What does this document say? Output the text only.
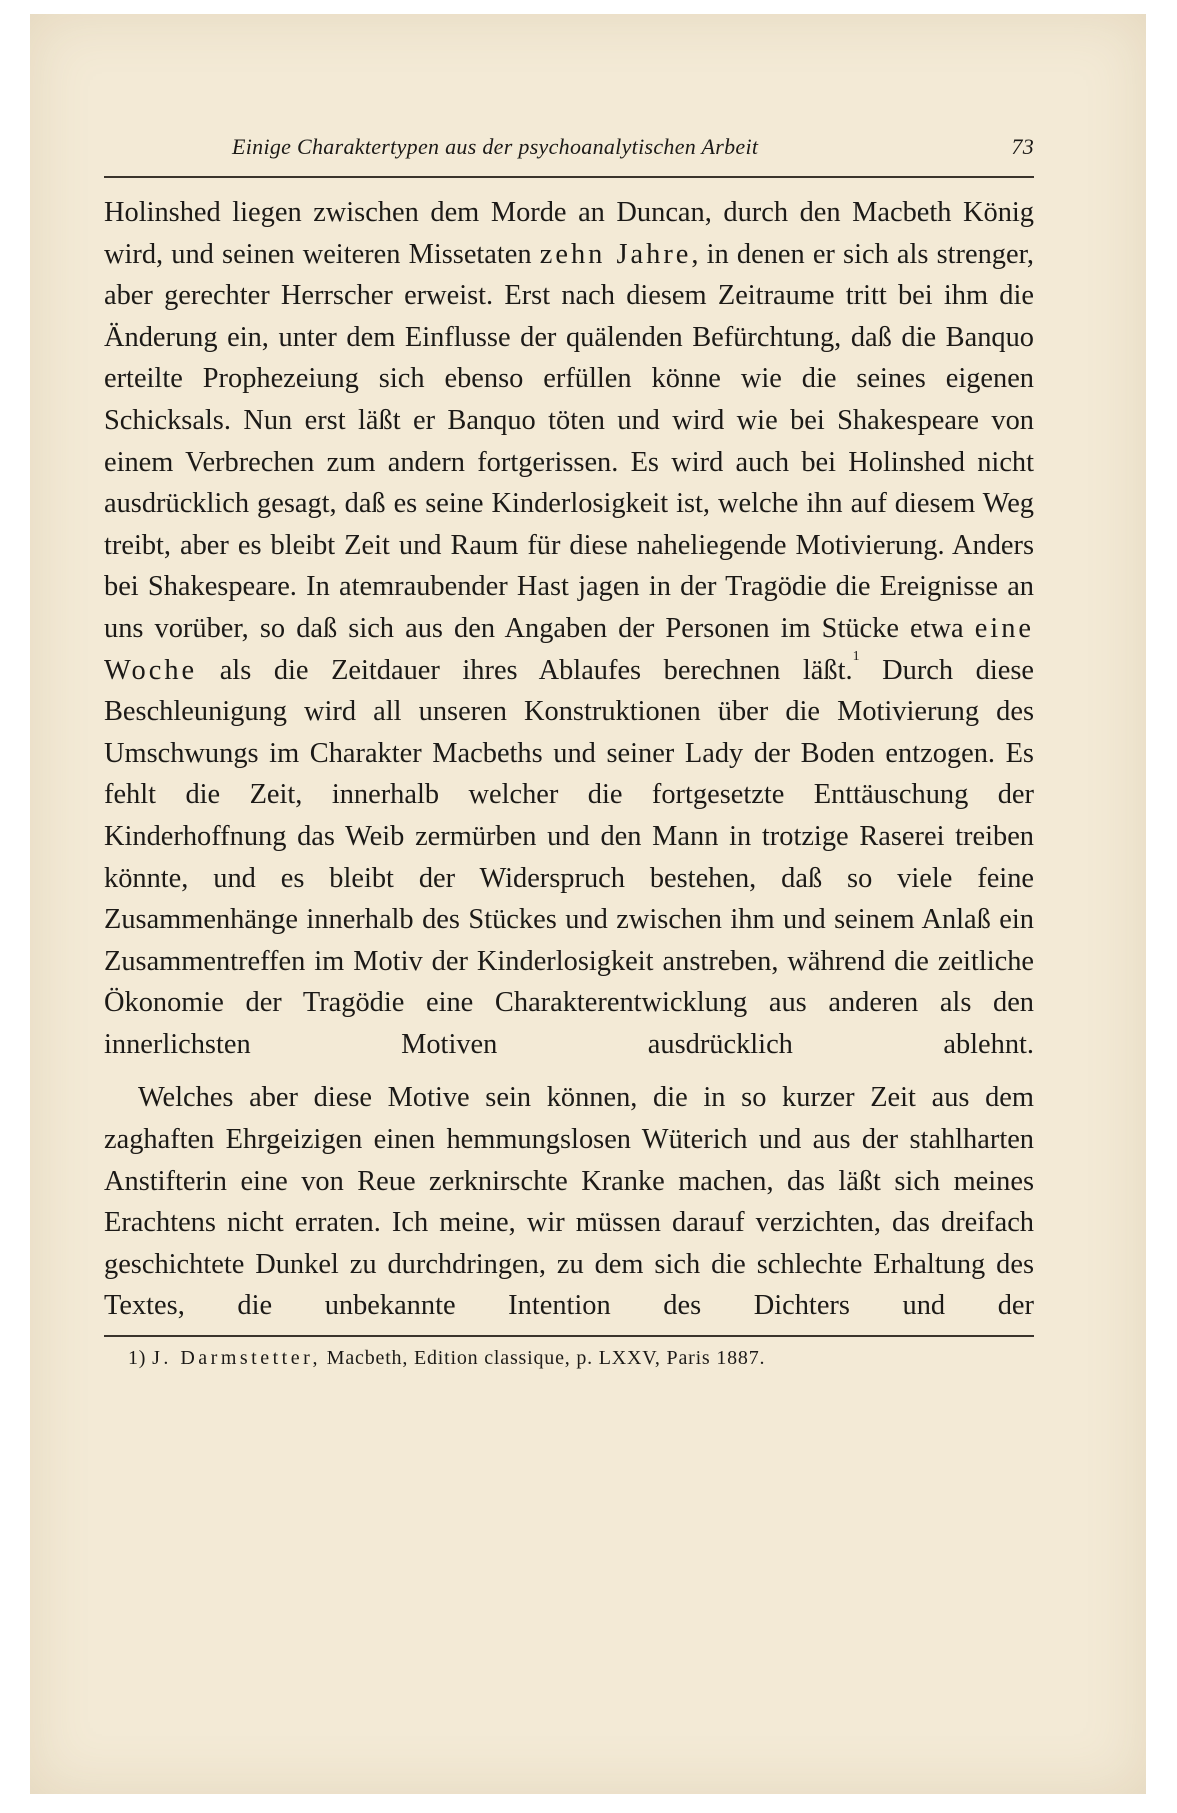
Einige Charaktertypen aus der psychoanalytischen Arbeit	73

Holinshed liegen zwischen dem Morde an Duncan, durch den Macbeth König wird, und seinen weiteren Missetaten zehn Jahre, in denen er sich als strenger, aber gerechter Herrscher erweist. Erst nach diesem Zeitraume tritt bei ihm die Änderung ein, unter dem Einflusse der quälenden Befürchtung, daß die Banquo erteilte Prophezeiung sich ebenso erfüllen könne wie die seines eigenen Schicksals. Nun erst läßt er Banquo töten und wird wie bei Shakespeare von einem Verbrechen zum andern fortgerissen. Es wird auch bei Holinshed nicht ausdrücklich gesagt, daß es seine Kinderlosigkeit ist, welche ihn auf diesem Weg treibt, aber es bleibt Zeit und Raum für diese naheliegende Motivierung. Anders bei Shakespeare. In atemraubender Hast jagen in der Tragödie die Ereignisse an uns vorüber, so daß sich aus den Angaben der Personen im Stücke etwa eine Woche als die Zeitdauer ihres Ablaufes berechnen läßt.$^1$ Durch diese Beschleunigung wird all unseren Konstruktionen über die Motivierung des Umschwungs im Charakter Macbeths und seiner Lady der Boden entzogen. Es fehlt die Zeit, innerhalb welcher die fortgesetzte Enttäuschung der Kinderhoffnung das Weib zermürben und den Mann in trotzige Raserei treiben könnte, und es bleibt der Widerspruch bestehen, daß so viele feine Zusammenhänge innerhalb des Stückes und zwischen ihm und seinem Anlaß ein Zusammentreffen im Motiv der Kinderlosigkeit anstreben, während die zeitliche Ökonomie der Tragödie eine Charakterentwicklung aus anderen als den innerlichsten Motiven ausdrücklich ablehnt.

Welches aber diese Motive sein können, die in so kurzer Zeit aus dem zaghaften Ehrgeizigen einen hemmungslosen Wüterich und aus der stahlharten Anstifterin eine von Reue zerknirschte Kranke machen, das läßt sich meines Erachtens nicht erraten. Ich meine, wir müssen darauf verzichten, das dreifach geschichtete Dunkel zu durchdringen, zu dem sich die schlechte Erhaltung des Textes, die unbekannte Intention des Dichters und der

1) J. Darmstetter, Macbeth, Edition classique, p. LXXV, Paris 1887.
